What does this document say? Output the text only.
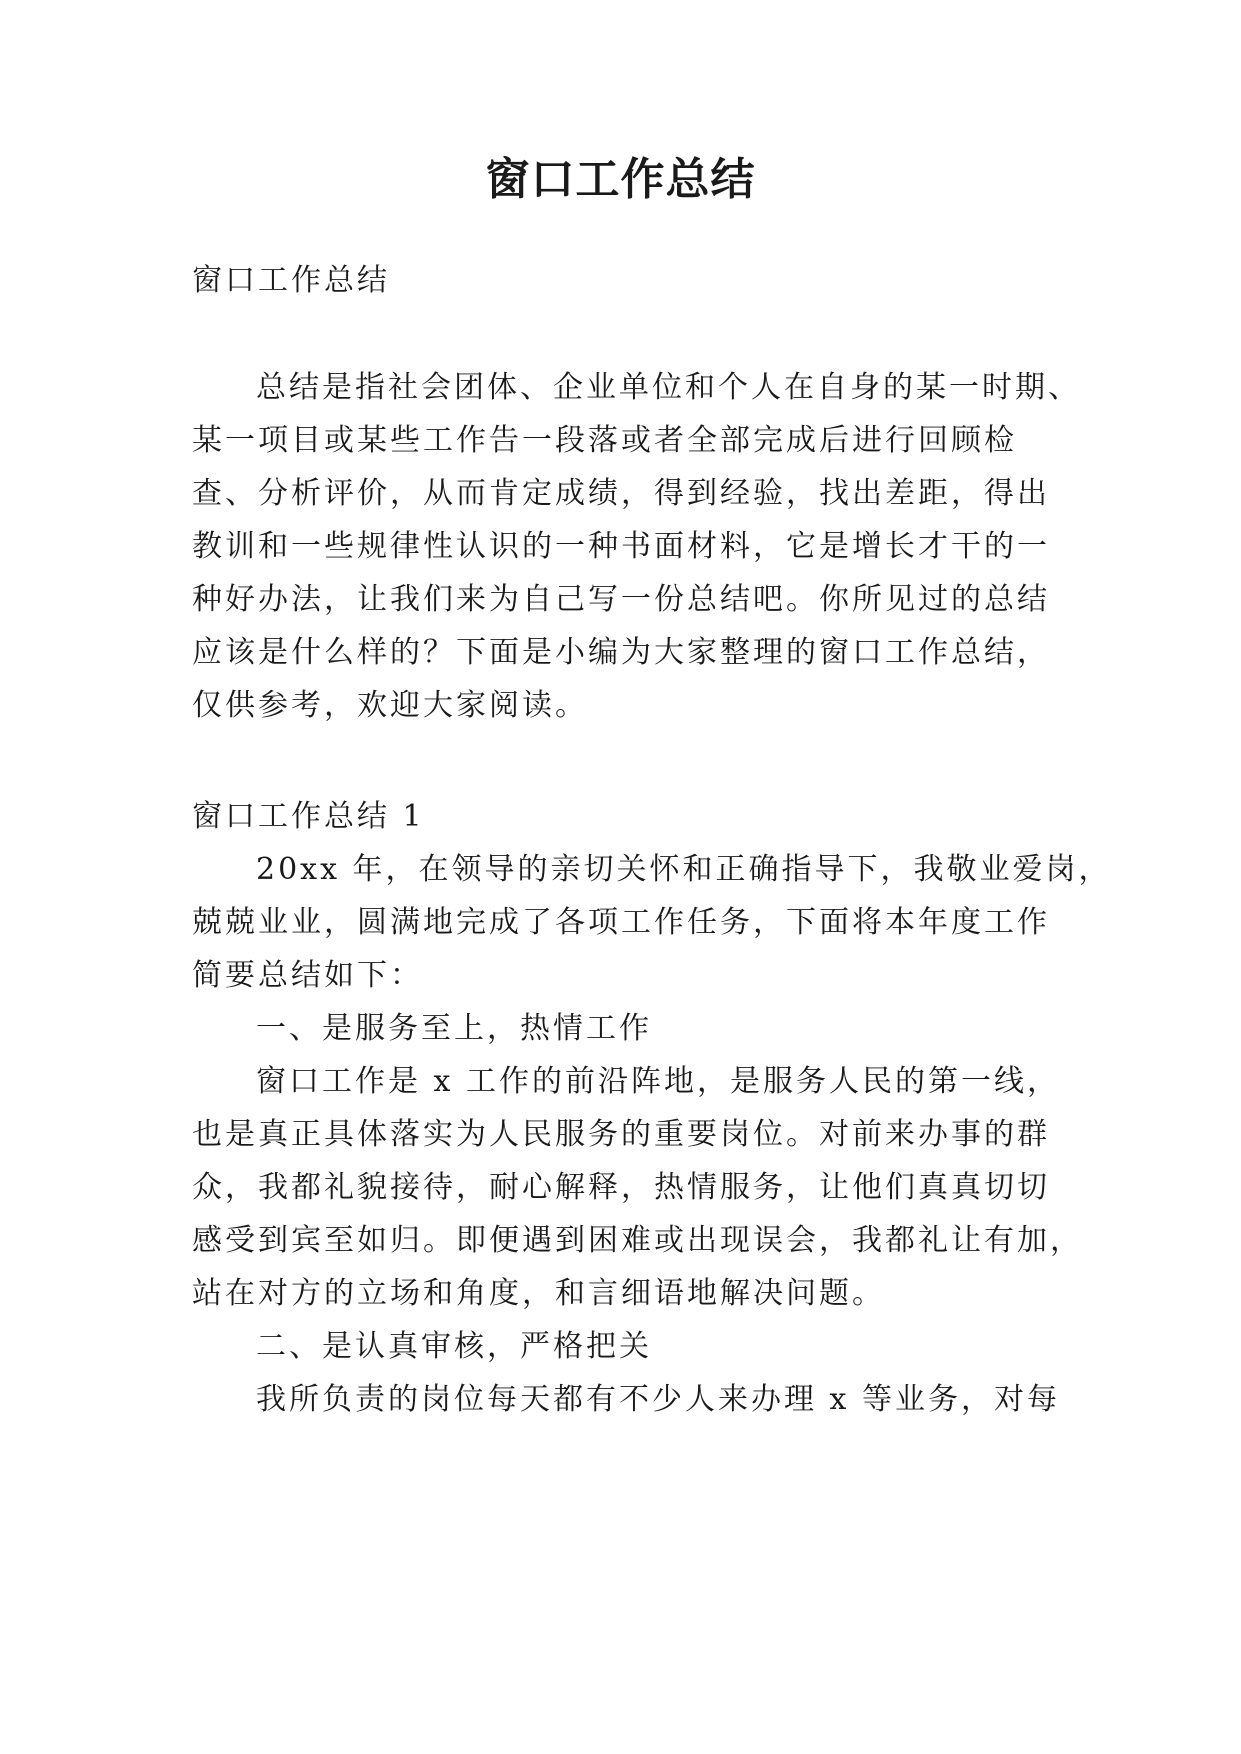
窗口工作总结

窗口工作总结

总结是指社会团体、企业单位和个人在自身的某一时期、

某一项目或某些工作告一段落或者全部完成后进行回顾检

查、分析评价，从而肯定成绩，得到经验，找出差距，得出

教训和一些规律性认识的一种书面材料，它是增长才干的一

种好办法，让我们来为自己写一份总结吧。你所见过的总结

应该是什么样的？下面是小编为大家整理的窗口工作总结，

仅供参考，欢迎大家阅读。

窗口工作总结 1

20xx 年，在领导的亲切关怀和正确指导下，我敬业爱岗，

兢兢业业，圆满地完成了各项工作任务，下面将本年度工作

简要总结如下：

一、是服务至上，热情工作

窗口工作是 x 工作的前沿阵地，是服务人民的第一线，

也是真正具体落实为人民服务的重要岗位。对前来办事的群

众，我都礼貌接待，耐心解释，热情服务，让他们真真切切

感受到宾至如归。即便遇到困难或出现误会，我都礼让有加，

站在对方的立场和角度，和言细语地解决问题。

二、是认真审核，严格把关

我所负责的岗位每天都有不少人来办理 x 等业务，对每
